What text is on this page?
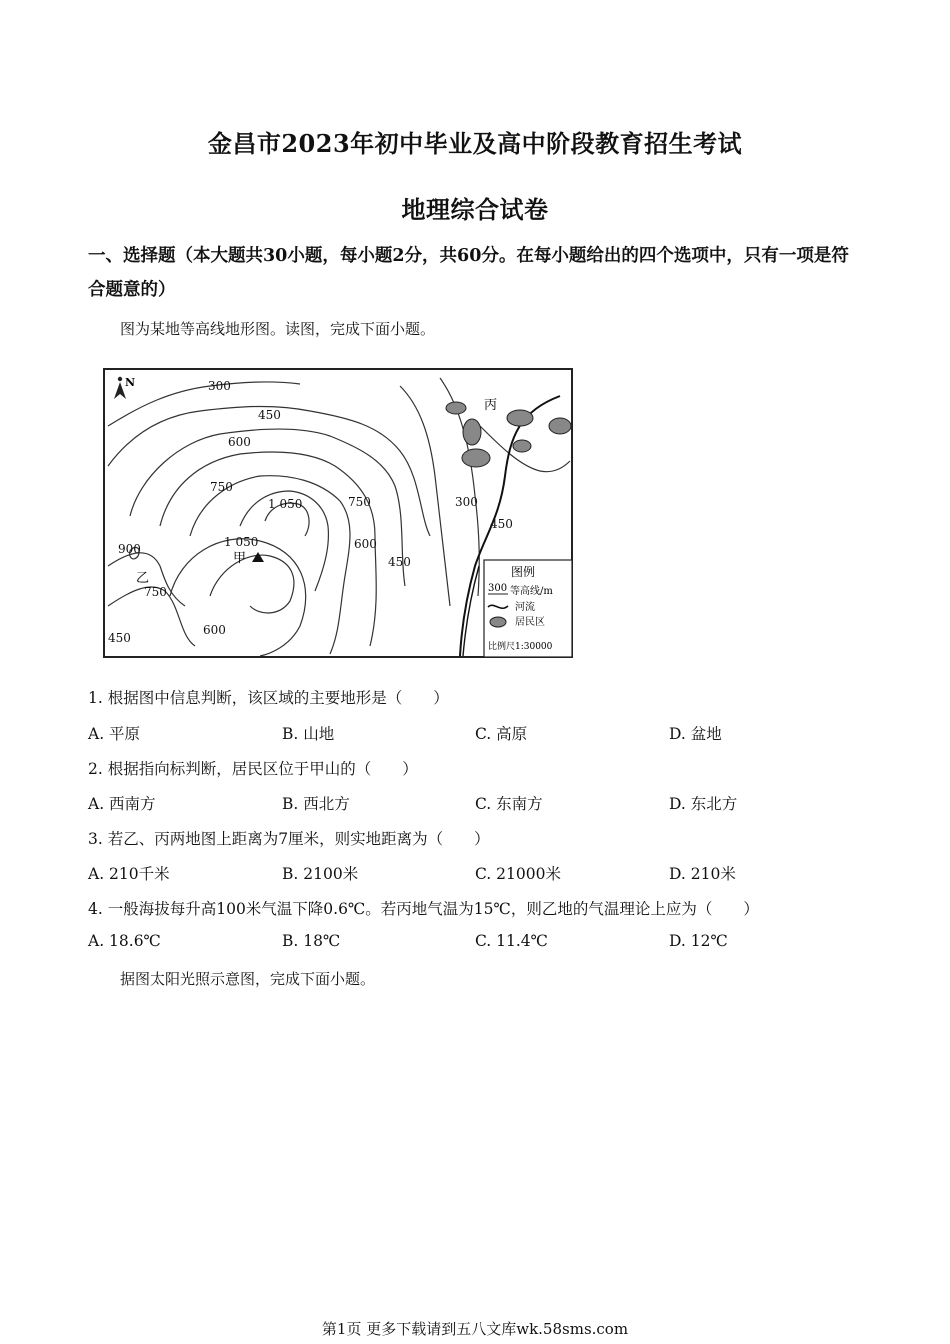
金昌市2023年初中毕业及高中阶段教育招生考试
地理综合试卷
一、选择题（本大题共30小题，每小题2分，共60分。在每小题给出的四个选项中，只有一项是符合题意的）
图为某地等高线地形图。读图，完成下面小题。
N	300
450
600
750
1 050	750
600
450
300
450
1 050
900
750
450
600
甲
乙
丙
图例
300 等高线/m
河流
居民区
比例尺1:30000
1. 根据图中信息判断，该区域的主要地形是（　　）
A. 平原	B. 山地	C. 高原	D. 盆地
2. 根据指向标判断，居民区位于甲山的（　　）
A. 西南方	B. 西北方	C. 东南方	D. 东北方
3. 若乙、丙两地图上距离为7厘米，则实地距离为（　　）
A. 210千米	B. 2100米	C. 21000米	D. 210米
4. 一般海拔每升高100米气温下降0.6℃。若丙地气温为15℃，则乙地的气温理论上应为（　　）
A. 18.6℃	B. 18℃	C. 11.4℃	D. 12℃
据图太阳光照示意图，完成下面小题。
第1页 更多下载请到五八文库wk.58sms.com
